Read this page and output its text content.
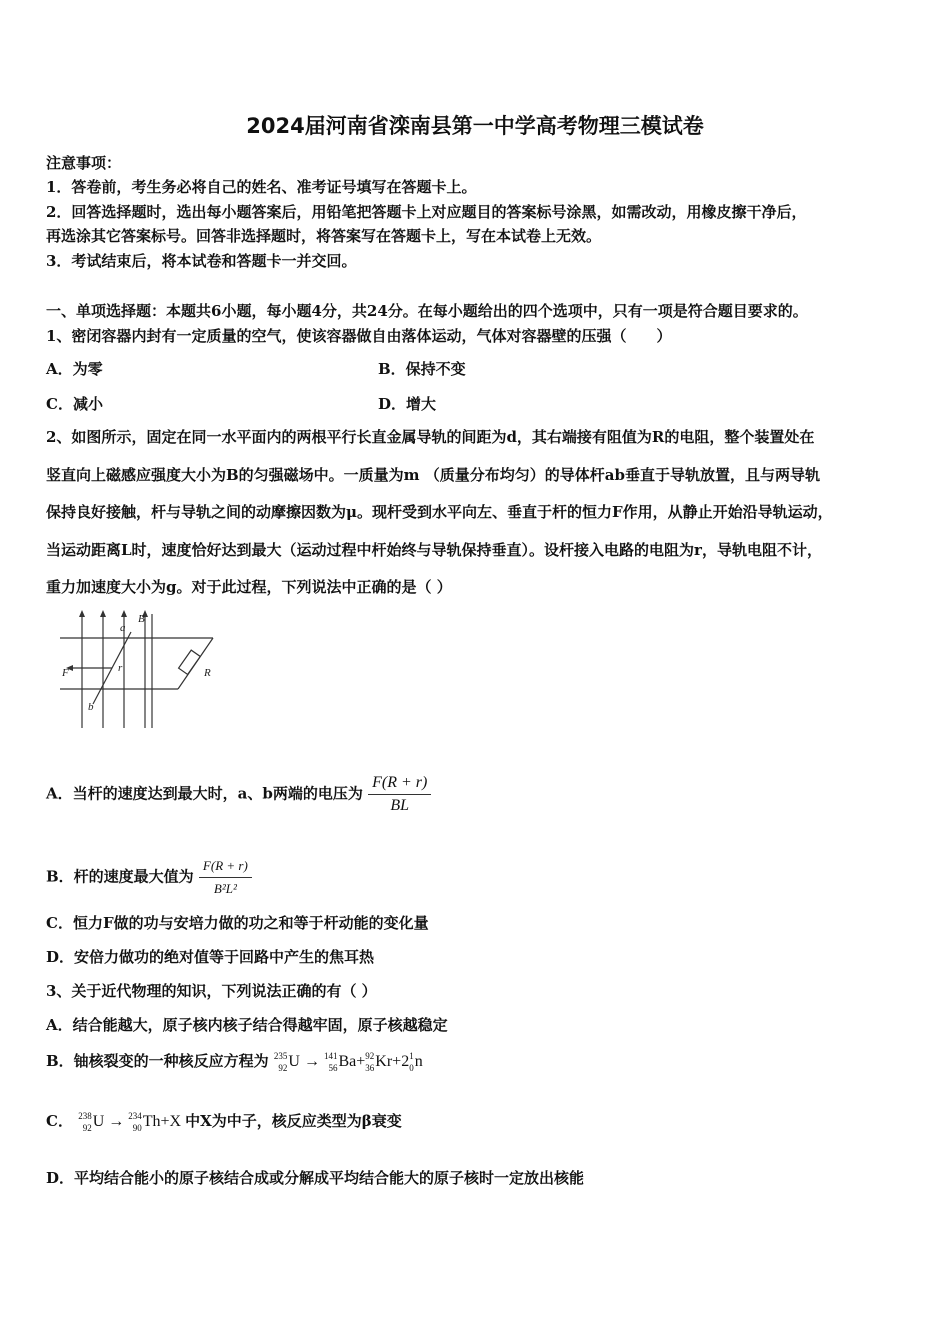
2024届河南省滦南县第一中学高考物理三模试卷
注意事项：
1．答卷前，考生务必将自己的姓名、准考证号填写在答题卡上。
2．回答选择题时，选出每小题答案后，用铅笔把答题卡上对应题目的答案标号涂黑，如需改动，用橡皮擦干净后，
再选涂其它答案标号。回答非选择题时，将答案写在答题卡上，写在本试卷上无效。
3．考试结束后，将本试卷和答题卡一并交回。
一、单项选择题：本题共6小题，每小题4分，共24分。在每小题给出的四个选项中，只有一项是符合题目要求的。
1、密闭容器内封有一定质量的空气，使该容器做自由落体运动，气体对容器壁的压强（　　）
A．为零	B．保持不变
C．减小	D．增大
2、如图所示，固定在同一水平面内的两根平行长直金属导轨的间距为d，其右端接有阻值为R的电阻，整个装置处在
竖直向上磁感应强度大小为B的匀强磁场中。一质量为m （质量分布均匀）的导体杆ab垂直于导轨放置，且与两导轨
保持良好接触，杆与导轨之间的动摩擦因数为μ。现杆受到水平向左、垂直于杆的恒力F作用，从静止开始沿导轨运动，
当运动距离L时，速度恰好达到最大（运动过程中杆始终与导轨保持垂直）。设杆接入电路的电阻为r，导轨电阻不计，
重力加速度大小为g。对于此过程，下列说法中正确的是（ ）
a
b
B
F	r	R
A．当杆的速度达到最大时，a、b两端的电压为 $\frac{F(R + r)}{BL}$
B．杆的速度最大值为 $\frac{F(R + r)}{\text{B²L²}}$
C．恒力F做的功与安培力做的功之和等于杆动能的变化量
D．安倍力做功的绝对值等于回路中产生的焦耳热
3、关于近代物理的知识，下列说法正确的有（ ）
A．结合能越大，原子核内核子结合得越牢固，原子核越稳定
B．铀核裂变的一种核反应方程为 235
92 U → 141
56 Ba+ 92
36 Kr+2 1
0 n
C． 238
92 U → 234
90 Th+X 中X为中子，核反应类型为β衰变
D．平均结合能小的原子核结合成或分解成平均结合能大的原子核时一定放出核能
